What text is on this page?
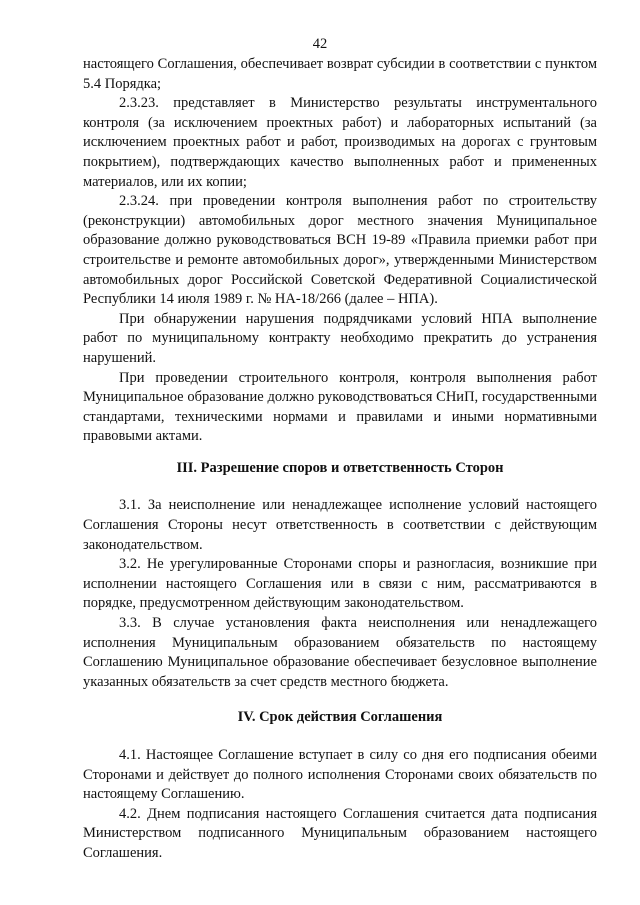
42

настоящего Соглашения, обеспечивает возврат субсидии в соответствии с пунктом 5.4 Порядка;

2.3.23. представляет в Министерство результаты инструментального контроля (за исключением проектных работ) и лабораторных испытаний (за исключением проектных работ и работ, производимых на дорогах с грунтовым покрытием), подтверждающих качество выполненных работ и примененных материалов, или их копии;

2.3.24. при проведении контроля выполнения работ по строительству (реконструкции) автомобильных дорог местного значения Муниципальное образование должно руководствоваться ВСН 19-89 «Правила приемки работ при строительстве и ремонте автомобильных дорог», утвержденными Министерством автомобильных дорог Российской Советской Федеративной Социалистической Республики 14 июля 1989 г. № НА-18/266 (далее – НПА).

При обнаружении нарушения подрядчиками условий НПА выполнение работ по муниципальному контракту необходимо прекратить до устранения нарушений.

При проведении строительного контроля, контроля выполнения работ Муниципальное образование должно руководствоваться СНиП, государственными стандартами, техническими нормами и правилами и иными нормативными правовыми актами.

III. Разрешение споров и ответственность Сторон

3.1. За неисполнение или ненадлежащее исполнение условий настоящего Соглашения Стороны несут ответственность в соответствии с действующим законодательством.

3.2. Не урегулированные Сторонами споры и разногласия, возникшие при исполнении настоящего Соглашения или в связи с ним, рассматриваются в порядке, предусмотренном действующим законодательством.

3.3. В случае установления факта неисполнения или ненадлежащего исполнения Муниципальным образованием обязательств по настоящему Соглашению Муниципальное образование обеспечивает безусловное выполнение указанных обязательств за счет средств местного бюджета.

IV. Срок действия Соглашения

4.1. Настоящее Соглашение вступает в силу со дня его подписания обеими Сторонами и действует до полного исполнения Сторонами своих обязательств по настоящему Соглашению.

4.2. Днем подписания настоящего Соглашения считается дата подписания Министерством подписанного Муниципальным образованием настоящего Соглашения.
